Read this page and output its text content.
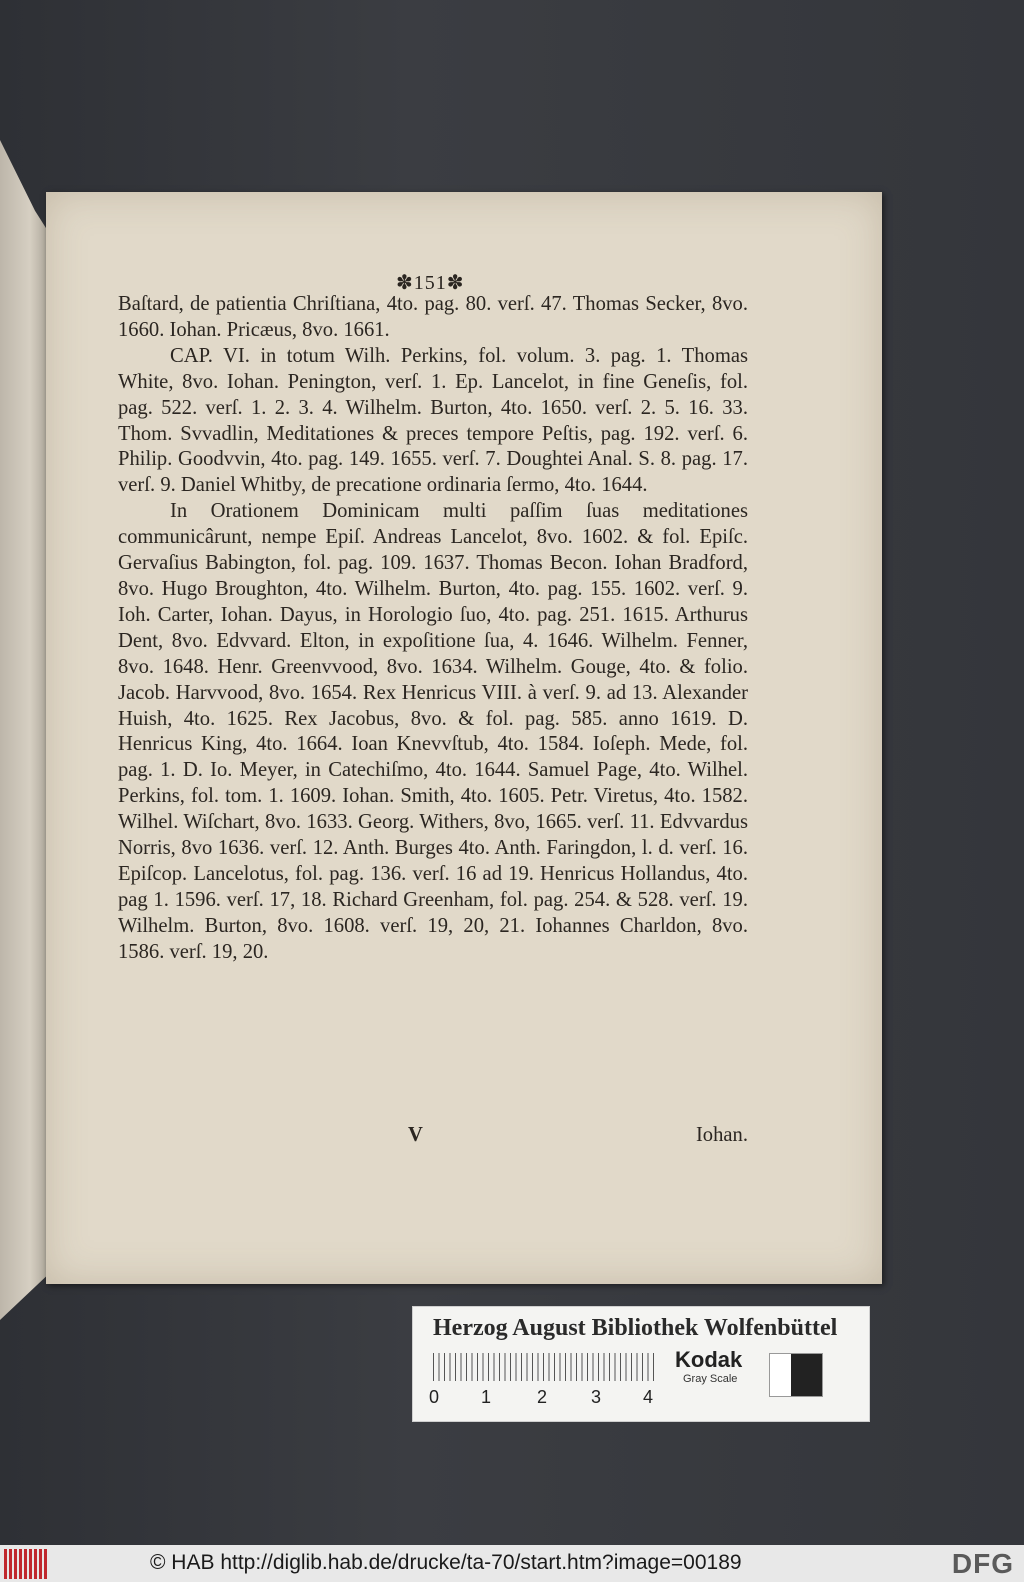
✽151✽

Baſtard, de patientia Chriſtiana, 4to. pag. 80. verſ. 47. Thomas Secker, 8vo. 1660. Iohan. Pricæus, 8vo. 1661.

CAP. VI. in totum Wilh. Perkins, fol. volum. 3. pag. 1. Thomas White, 8vo. Iohan. Penington, verſ. 1. Ep. Lancelot, in fine Geneſis, fol. pag. 522. verſ. 1. 2. 3. 4. Wilhelm. Burton, 4to. 1650. verſ. 2. 5. 16. 33. Thom. Svvadlin, Meditationes & preces tempore Peſtis, pag. 192. verſ. 6. Philip. Goodvvin, 4to. pag. 149. 1655. verſ. 7. Doughtei Anal. S. 8. pag. 17. verſ. 9. Daniel Whitby, de precatione ordinaria ſermo, 4to. 1644.

In Orationem Dominicam multi paſſim ſuas meditationes communicârunt, nempe Epiſ. Andreas Lancelot, 8vo. 1602. & fol. Epiſc. Gervaſius Babington, fol. pag. 109. 1637. Thomas Becon. Iohan Bradford, 8vo. Hugo Broughton, 4to. Wilhelm. Burton, 4to. pag. 155. 1602. verſ. 9. Ioh. Carter, Iohan. Dayus, in Horologio ſuo, 4to. pag. 251. 1615. Arthurus Dent, 8vo. Edvvard. Elton, in expoſitione ſua, 4. 1646. Wilhelm. Fenner, 8vo. 1648. Henr. Greenvvood, 8vo. 1634. Wilhelm. Gouge, 4to. & folio. Jacob. Harvvood, 8vo. 1654. Rex Henricus VIII. à verſ. 9. ad 13. Alexander Huish, 4to. 1625. Rex Jacobus, 8vo. & fol. pag. 585. anno 1619. D. Henricus King, 4to. 1664. Ioan Knevvſtub, 4to. 1584. Ioſeph. Mede, fol. pag. 1. D. Io. Meyer, in Catechiſmo, 4to. 1644. Samuel Page, 4to. Wilhel. Perkins, fol. tom. 1. 1609. Iohan. Smith, 4to. 1605. Petr. Viretus, 4to. 1582. Wilhel. Wiſchart, 8vo. 1633. Georg. Withers, 8vo, 1665. verſ. 11. Edvvardus Norris, 8vo 1636. verſ. 12. Anth. Burges 4to. Anth. Faringdon, l. d. verſ. 16. Epiſcop. Lancelotus, fol. pag. 136. verſ. 16 ad 19. Henricus Hollandus, 4to. pag 1. 1596. verſ. 17, 18. Richard Greenham, fol. pag. 254. & 528. verſ. 19. Wilhelm. Burton, 8vo. 1608. verſ. 19, 20, 21. Iohannes Charldon, 8vo. 1586. verſ. 19, 20.

V	Iohan.
Herzog August Bibliothek Wolfenbüttel
0 1	2 3 4
Kodak
Gray Scale
© HAB http://diglib.hab.de/drucke/ta-70/start.htm?image=00189	DFG
